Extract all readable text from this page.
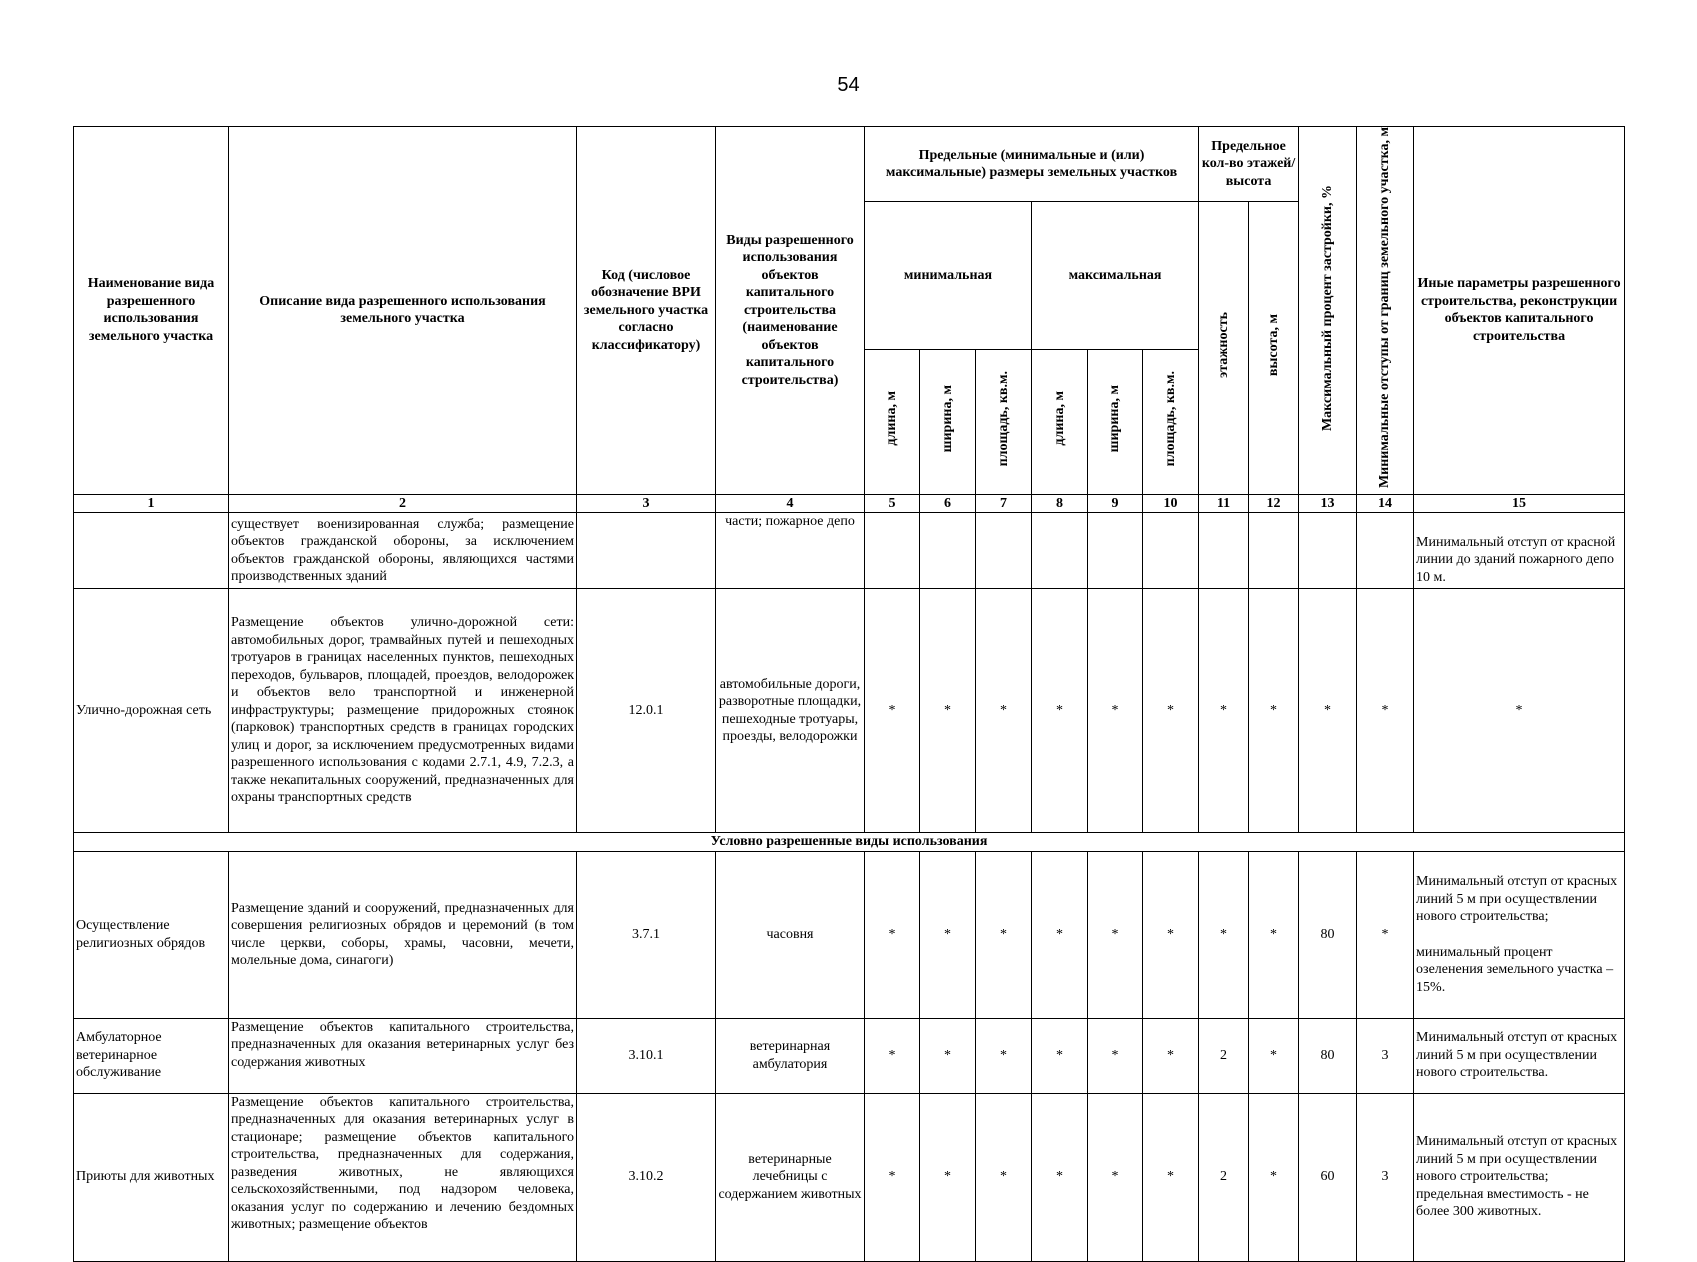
54
Наименование вида разрешенного использования земельного участка	Описание вида разрешенного использования земельного участка	Код (числовое обозначение ВРИ земельного участка согласно классификатору)	Виды разрешенного использования объектов капитального строительства (наименование объектов капитального строительства)	Предельные (минимальные и (или) максимальные) размеры земельных участков						Предельное кол-во этажей/ высота		Максимальный процент застройки, %	Минимальные отступы от границ земельного участка, м	Иные параметры разрешенного строительства, реконструкции объектов капитального строительства
				минимальная			максимальная			этажность	высота, м			
				длина, м	ширина, м	площадь, кв.м.	длина, м	ширина, м	площадь, кв.м.					
1	2	3	4	5	6	7	8	9	10	11	12	13	14	15
	существует военизированная служба; размещение объектов гражданской обороны, за исключением объектов гражданской обороны, являющихся частями производственных зданий		части; пожарное депо											Минимальный отступ от красной линии до зданий пожарного депо 10 м.
Улично-дорожная сеть	Размещение объектов улично-дорожной сети: автомобильных дорог, трамвайных путей и пешеходных тротуаров в границах населенных пунктов, пешеходных переходов, бульваров, площадей, проездов, велодорожек и объектов вело транспортной и инженерной инфраструктуры; размещение придорожных стоянок (парковок) транспортных средств в границах городских улиц и дорог, за исключением предусмотренных видами разрешенного использования с кодами 2.7.1, 4.9, 7.2.3, а также некапитальных сооружений, предназначенных для охраны транспортных средств	12.0.1	автомобильные дороги, разворотные площадки, пешеходные тротуары, проезды, велодорожки	*	*	*	*	*	*	*	*	*	*	*
Условно разрешенные виды использования														
Осуществление религиозных обрядов	Размещение зданий и сооружений, предназначенных для совершения религиозных обрядов и церемоний (в том числе церкви, соборы, храмы, часовни, мечети, молельные дома, синагоги)	3.7.1	часовня	*	*	*	*	*	*	*	*	80	*	Минимальный отступ от красных линий 5 м при осуществлении нового строительства;
минимальный процент озеленения земельного участка – 15%.

Амбулаторное ветеринарное обслуживание	Размещение объектов капитального строительства, предназначенных для оказания ветеринарных услуг без содержания животных	3.10.1	ветеринарная амбулатория	*	*	*	*	*	*	2	*	80	3	Минимальный отступ от красных линий 5 м при осуществлении нового строительства.
Приюты для животных	Размещение объектов капитального строительства, предназначенных для оказания ветеринарных услуг в стационаре; размещение объектов капитального строительства, предназначенных для содержания, разведения животных, не являющихся сельскохозяйственными, под надзором человека, оказания услуг по содержанию и лечению бездомных животных; размещение объектов	3.10.2	ветеринарные лечебницы с содержанием животных	*	*	*	*	*	*	2	*	60	3	Минимальный отступ от красных линий 5 м при осуществлении нового строительства;
предельная вместимость - не более 300 животных.
